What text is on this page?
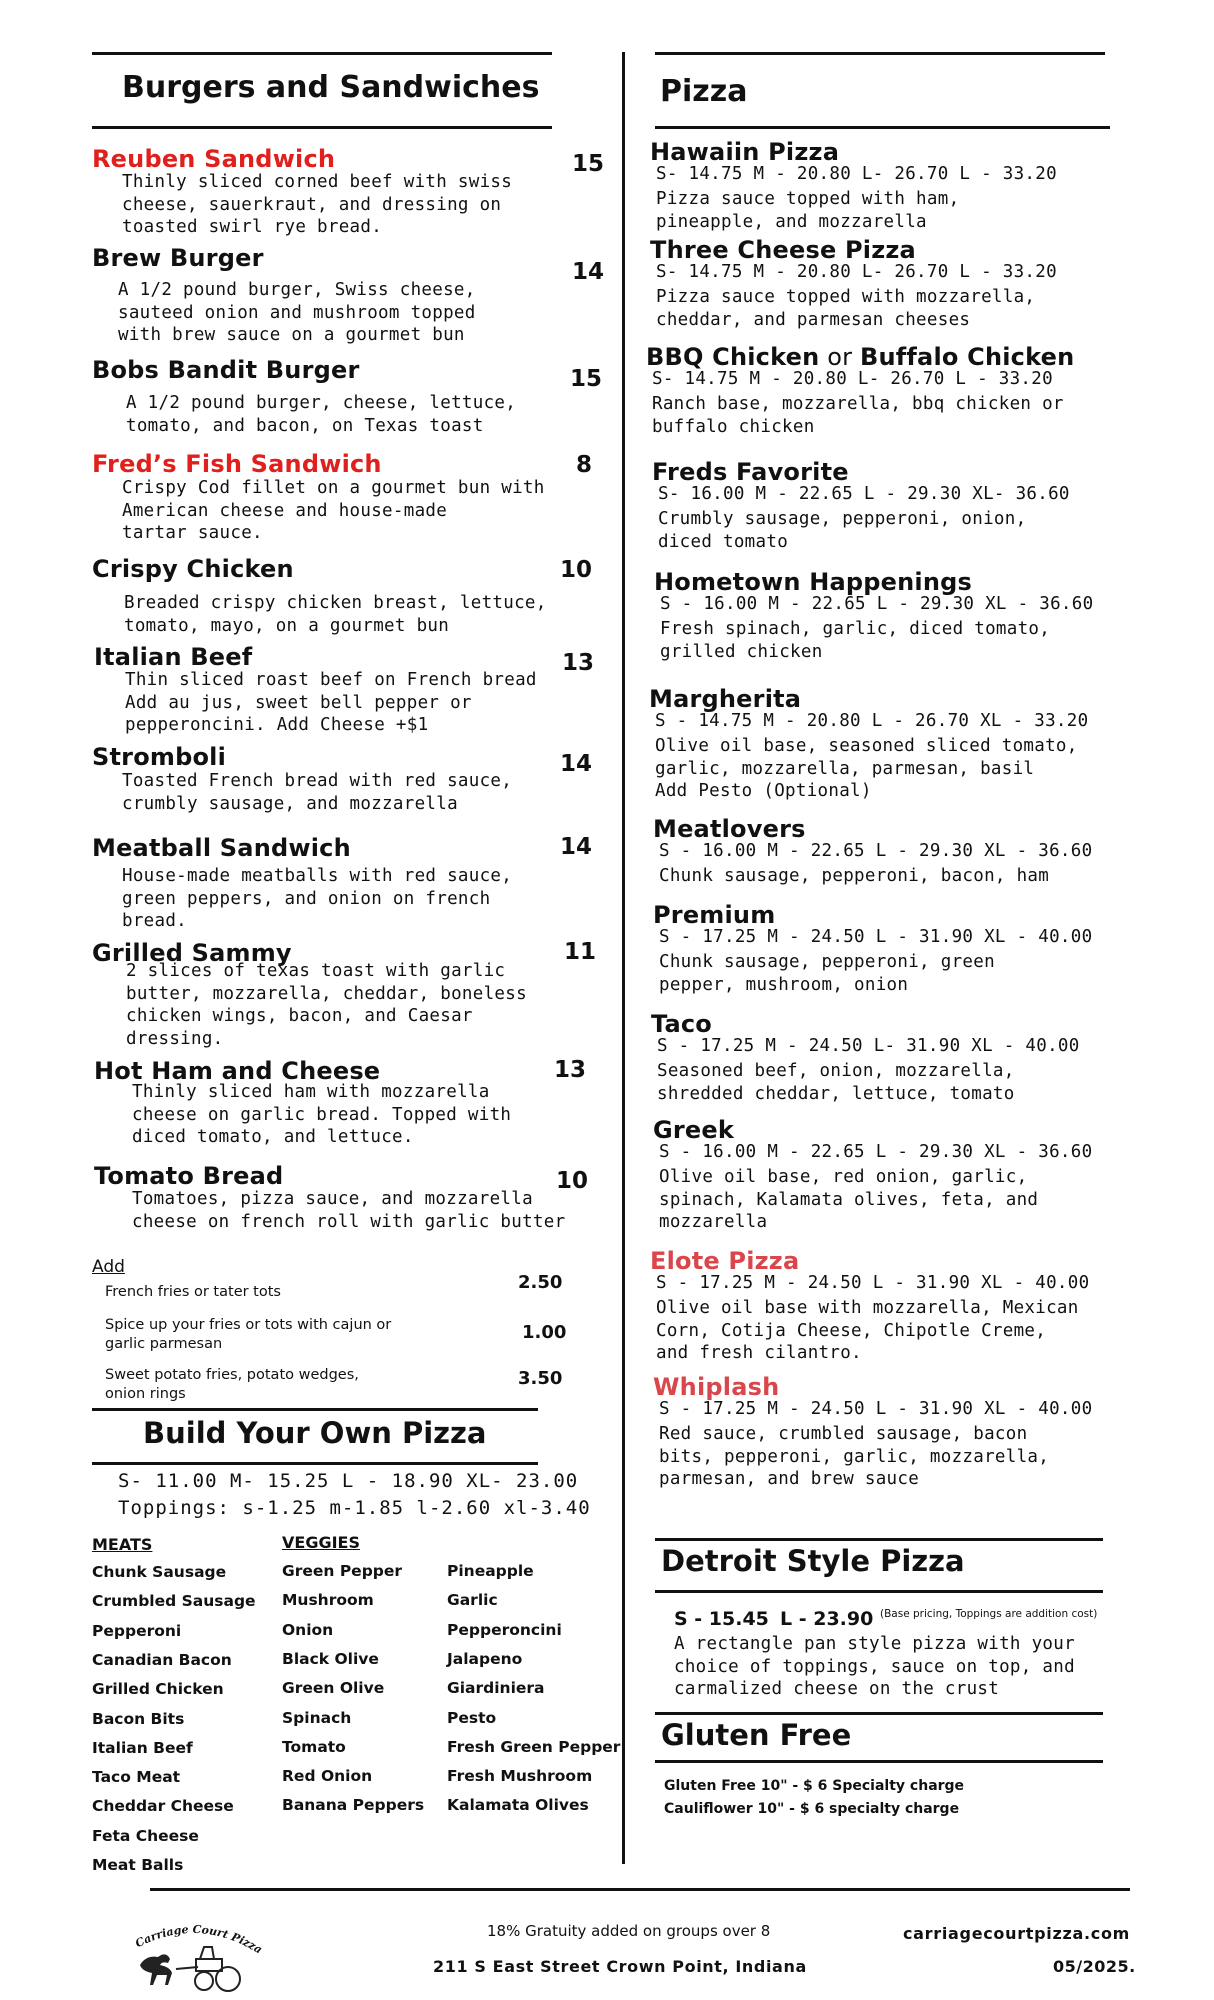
Burgers and Sandwiches
Reuben Sandwich	15
Thinly sliced corned beef with swiss
cheese, sauerkraut, and dressing on
toasted swirl rye bread.
Brew Burger	14
A 1/2 pound burger, Swiss cheese,
sauteed onion and mushroom topped
with brew sauce on a gourmet bun
Bobs Bandit Burger	15
A 1/2 pound burger, cheese, lettuce,
tomato, and bacon, on Texas toast
Fred’s Fish Sandwich	8
Crispy Cod fillet on a gourmet bun with
American cheese and house-made
tartar sauce.
Crispy Chicken	10
Breaded crispy chicken breast, lettuce,
tomato, mayo, on a gourmet bun
Italian Beef	13
Thin sliced roast beef on French bread
Add au jus, sweet bell pepper or
pepperoncini. Add Cheese +$1
Stromboli	14
Toasted French bread with red sauce,
crumbly sausage, and mozzarella
Meatball Sandwich	14
House-made meatballs with red sauce,
green peppers, and onion on french
bread.
Grilled Sammy	11
2 slices of texas toast with garlic
butter, mozzarella, cheddar, boneless
chicken wings, bacon, and Caesar
dressing.
Hot Ham and Cheese	13
Thinly sliced ham with mozzarella
cheese on garlic bread. Topped with
diced tomato, and lettuce.
Tomato Bread	10
Tomatoes, pizza sauce, and mozzarella
cheese on french roll with garlic butter
Add
French fries or tater tots	2.50
Spice up your fries or tots with cajun or
garlic parmesan
1.00
Sweet potato fries, potato wedges,
onion rings
3.50
Build Your Own Pizza
S- 11.00 M- 15.25 L - 18.90 XL- 23.00
Toppings: s-1.25 m-1.85 l-2.60 xl-3.40
MEATS	VEGGIES
Chunk Sausage
Crumbled Sausage
Pepperoni
Canadian Bacon
Grilled Chicken
Bacon Bits
Italian Beef
Taco Meat
Cheddar Cheese
Feta Cheese
Meat Balls
Green Pepper
Mushroom
Onion
Black Olive
Green Olive
Spinach
Tomato
Red Onion
Banana Peppers
Pineapple
Garlic
Pepperoncini
Jalapeno
Giardiniera
Pesto
Fresh Green Pepper
Fresh Mushroom
Kalamata Olives
Pizza
Hawaiin Pizza
S- 14.75 M - 20.80 L- 26.70 L - 33.20
Pizza sauce topped with ham,
pineapple, and mozzarella
Three Cheese Pizza
S- 14.75 M - 20.80 L- 26.70 L - 33.20
Pizza sauce topped with mozzarella,
cheddar, and parmesan cheeses
BBQ Chicken or Buffalo Chicken
S- 14.75 M - 20.80 L- 26.70 L - 33.20
Ranch base, mozzarella, bbq chicken or
buffalo chicken
Freds Favorite
S- 16.00 M - 22.65 L - 29.30 XL- 36.60
Crumbly sausage, pepperoni, onion,
diced tomato
Hometown Happenings
S - 16.00 M - 22.65 L - 29.30 XL - 36.60
Fresh spinach, garlic, diced tomato,
grilled chicken
Margherita
S - 14.75 M - 20.80 L - 26.70 XL - 33.20
Olive oil base, seasoned sliced tomato,
garlic, mozzarella, parmesan, basil
Add Pesto (Optional)
Meatlovers
S - 16.00 M - 22.65 L - 29.30 XL - 36.60
Chunk sausage, pepperoni, bacon, ham
Premium
S - 17.25 M - 24.50 L - 31.90 XL - 40.00
Chunk sausage, pepperoni, green
pepper, mushroom, onion
Taco
S - 17.25 M - 24.50 L- 31.90 XL - 40.00
Seasoned beef, onion, mozzarella,
shredded cheddar, lettuce, tomato
Greek
S - 16.00 M - 22.65 L - 29.30 XL - 36.60
Olive oil base, red onion, garlic,
spinach, Kalamata olives, feta, and
mozzarella
Elote Pizza
S - 17.25 M - 24.50 L - 31.90 XL - 40.00
Olive oil base with mozzarella, Mexican
Corn, Cotija Cheese, Chipotle Creme,
and fresh cilantro.
Whiplash
S - 17.25 M - 24.50 L - 31.90 XL - 40.00
Red sauce, crumbled sausage, bacon
bits, pepperoni, garlic, mozzarella,
parmesan, and brew sauce
Detroit Style Pizza
S - 15.45 L - 23.90 (Base pricing, Toppings are addition cost)
A rectangle pan style pizza with your
choice of toppings, sauce on top, and
carmalized cheese on the crust
Gluten Free
Gluten Free 10" - $ 6 Specialty charge
Cauliflower 10" - $ 6 specialty charge
Carriage Court Pizza
18% Gratuity added on groups over 8
211 S East Street Crown Point, Indiana
carriagecourtpizza.com
05/2025.
